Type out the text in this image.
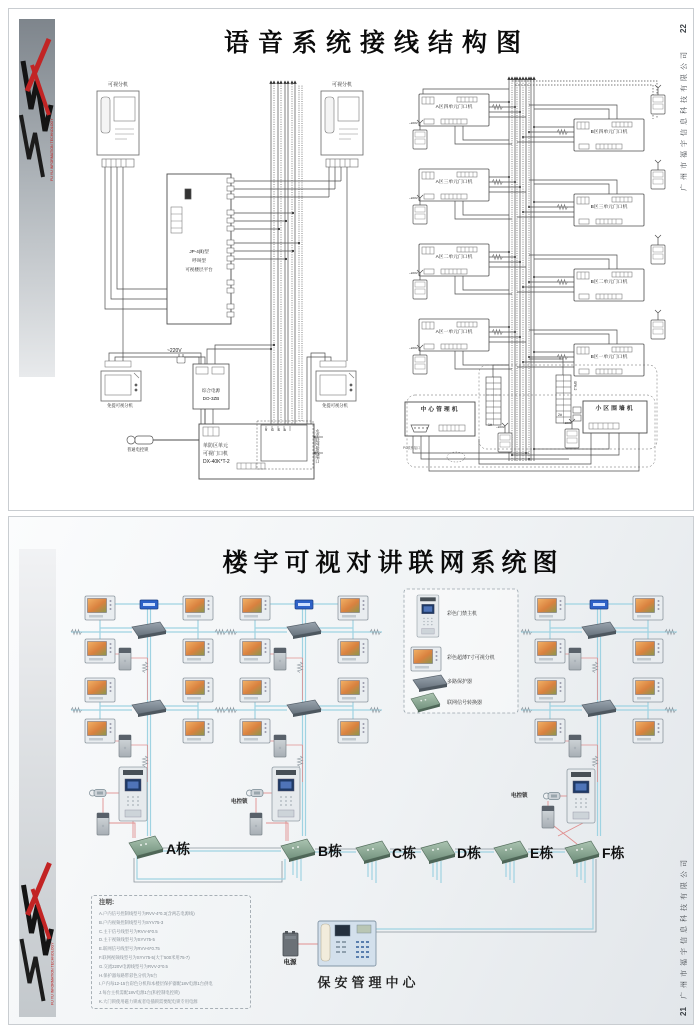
FU YU INFORMATION TECHNOLOGY
语音系统接线结构图
22
广州市福宇信息科技有限公司
可视分机	可视分机
JP-4(Ⅱ)型
呼叫型
可视楼层平台
~220V
综合电源
DO-3ZB
免提可视分机	免提可视分机
普通电控锁
单防区单元
可视门口机
DX-40K*T-2
V G S A	水平联网接线端口
A区四单元门口机
A区三单元门口机
A区二单元门口机
A区一单元门口机
B区四单元门口机
B区三单元门口机
B区二单元门口机
B区一单元门口机
~220V
~220V
~220V
~220V
~220V
~220V
中心管理机
PC联机接口
小区围墙机
1#
2#
SFK-2
FU YU INFORMATION TECHNOLOGY
楼宇可视对讲联网系统图
广州市福宇信息科技有限公司
21
彩色门禁主机
彩色超薄7寸可视分机
多路保护器
联网信号转换器
A栋	B栋	C栋	D栋	E栋	F栋
电控锁
电控锁
电源
保安管理中心
注明:
A.户内信号控制线型号为RVV-4*0.3(含两芯电源线)
B.户内视频控制线型号为SYV75-3
C.主干信号线型号为RVV-6*0.5
D.主干视频线型号为SYV75-5
E.联网信号线型号为RVV-6*0.75
F.联网视频线型号为SYV75-5(大于500米用75-7)
G.交流220V电源线型号为RVV-2*0.5
H.保护器每路带彩色分机为5台
I.户内每12-15台彩色分机和本楼层保护器配18V电源1台供电
J.每台主机需配18V电源1台(和控制电控锁)
K.大门锁使用磁力锁或者电插锁需要配电锁专用电源
